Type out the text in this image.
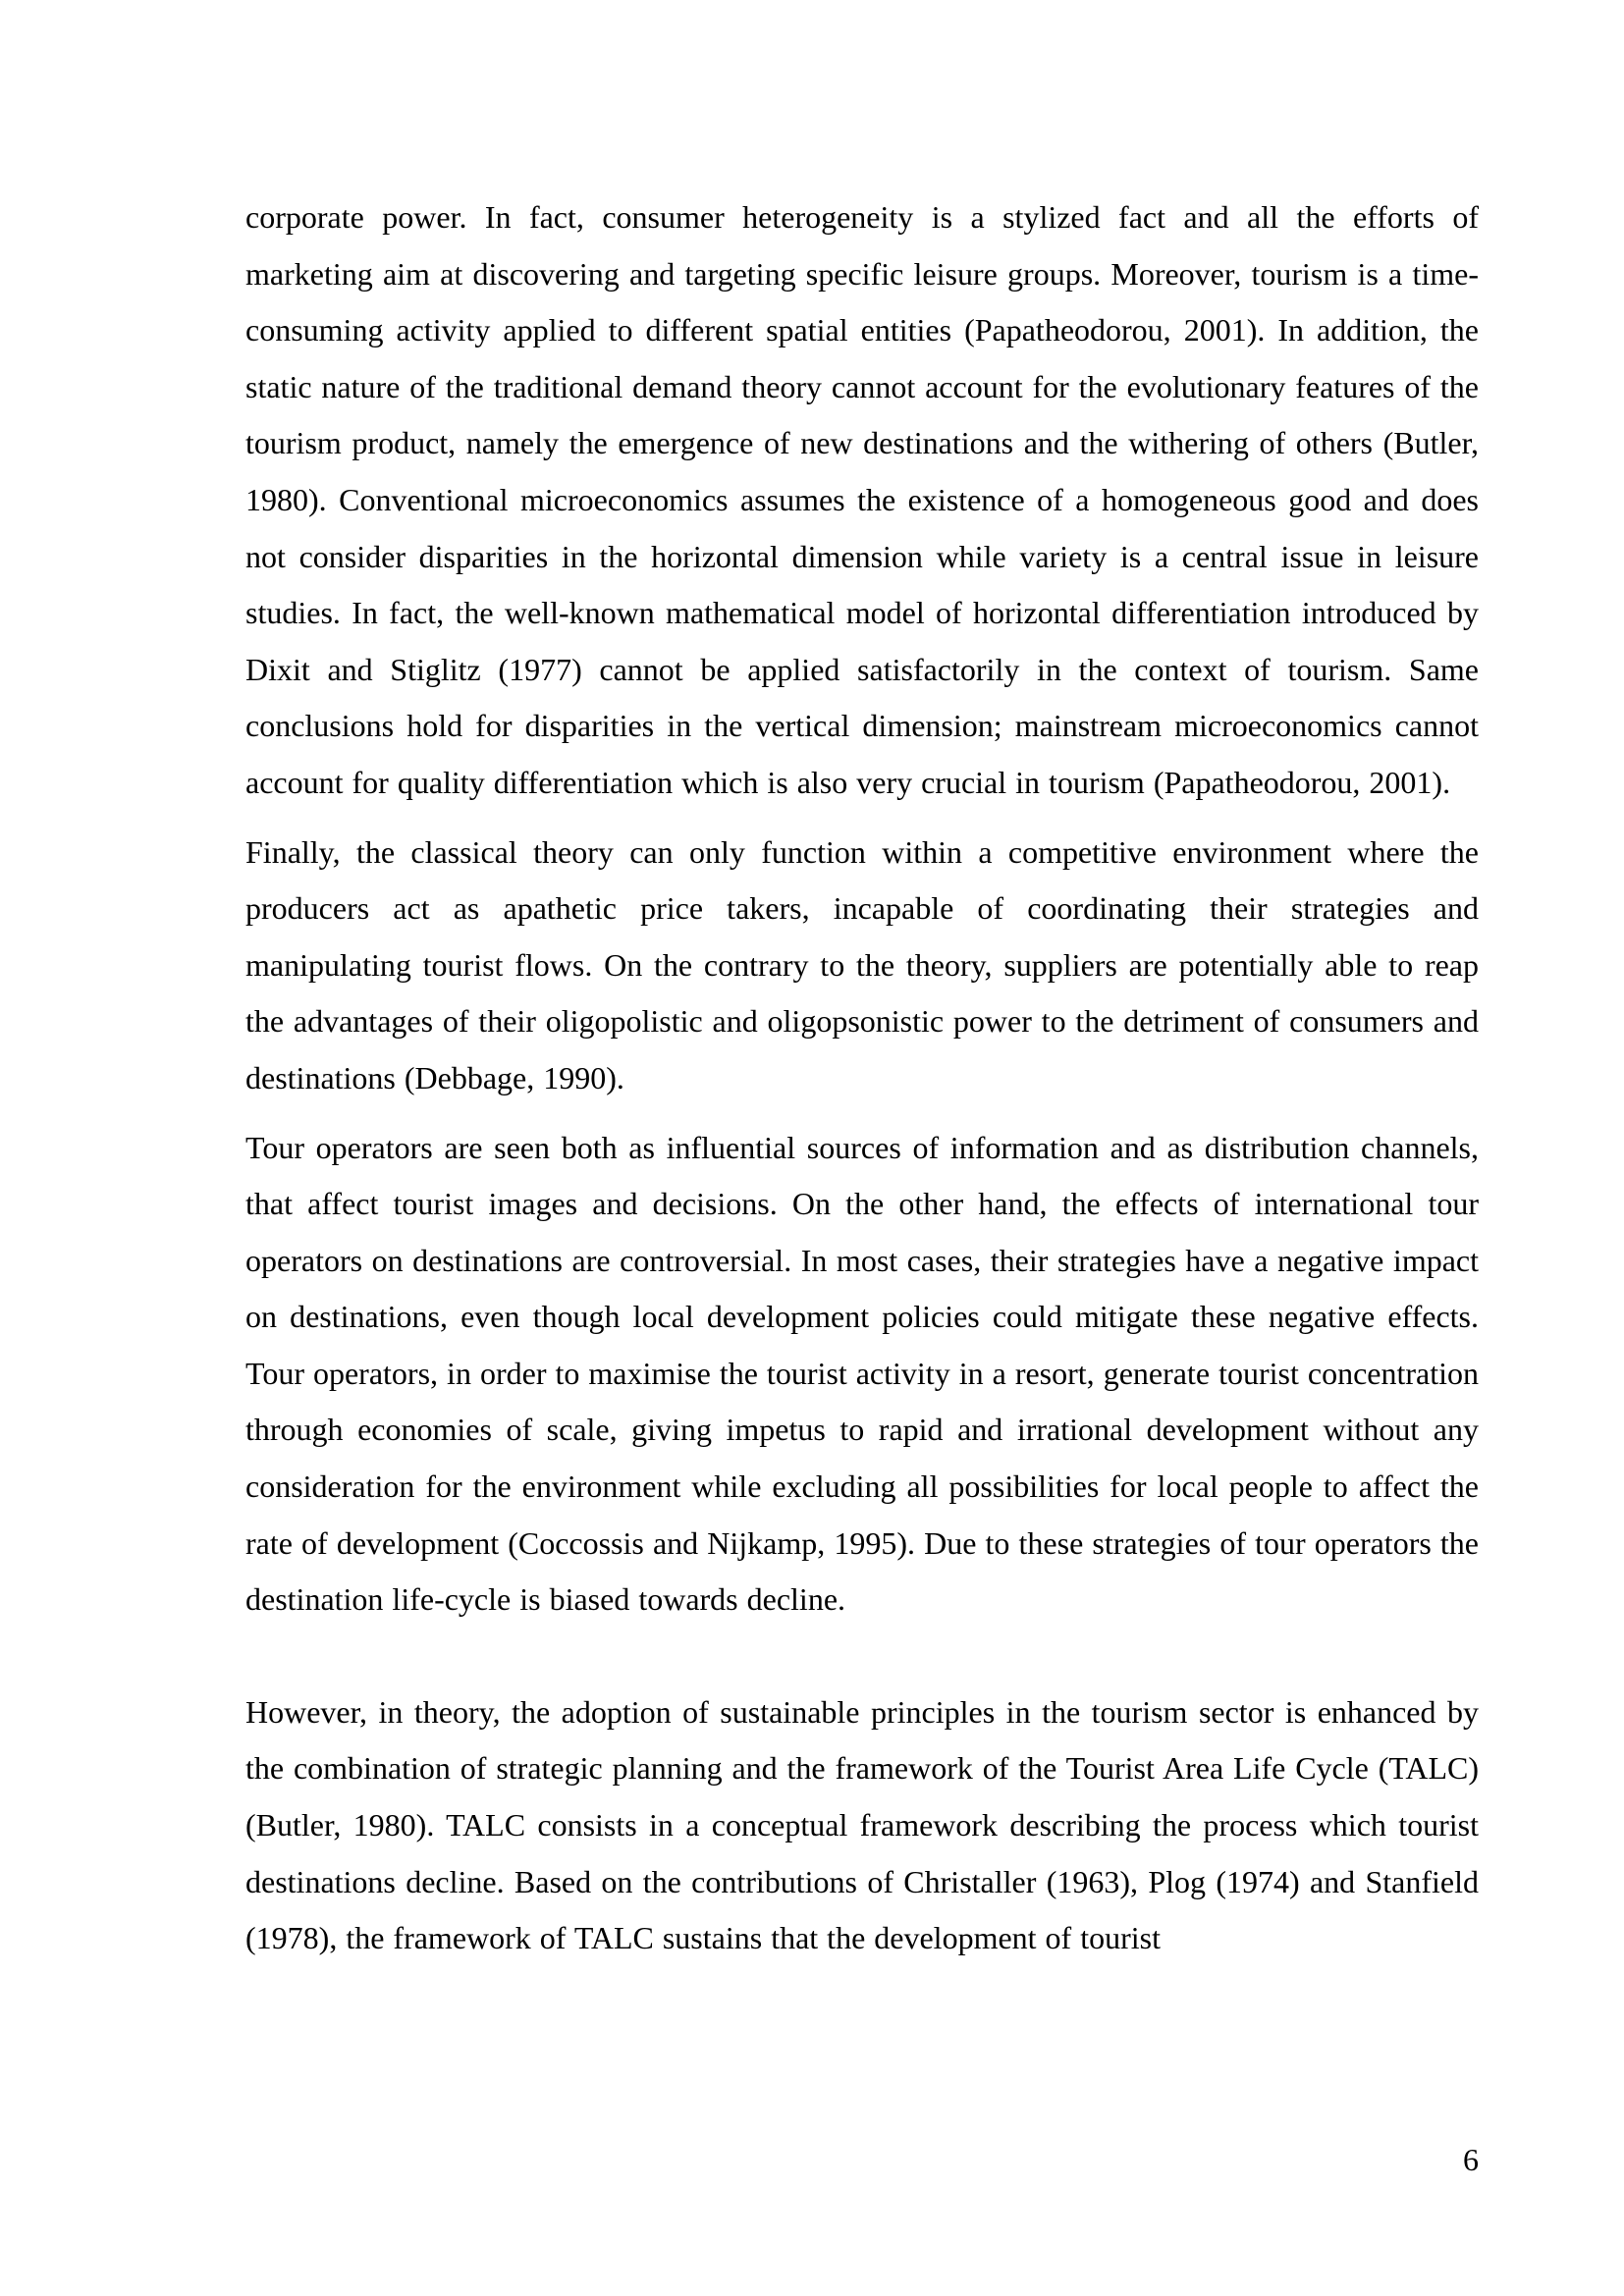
corporate power. In fact, consumer heterogeneity is a stylized fact and all the efforts of marketing aim at discovering and targeting specific leisure groups. Moreover, tourism is a time-consuming activity applied to different spatial entities (Papatheodorou, 2001). In addition, the static nature of the traditional demand theory cannot account for the evolutionary features of the tourism product, namely the emergence of new destinations and the withering of others (Butler, 1980). Conventional microeconomics assumes the existence of a homogeneous good and does not consider disparities in the horizontal dimension while variety is a central issue in leisure studies. In fact, the well-known mathematical model of horizontal differentiation introduced by Dixit and Stiglitz (1977) cannot be applied satisfactorily in the context of tourism. Same conclusions hold for disparities in the vertical dimension; mainstream microeconomics cannot account for quality differentiation which is also very crucial in tourism (Papatheodorou, 2001).

Finally, the classical theory can only function within a competitive environment where the producers act as apathetic price takers, incapable of coordinating their strategies and manipulating tourist flows. On the contrary to the theory, suppliers are potentially able to reap the advantages of their oligopolistic and oligopsonistic power to the detriment of consumers and destinations (Debbage, 1990).

Tour operators are seen both as influential sources of information and as distribution channels, that affect tourist images and decisions. On the other hand, the effects of international tour operators on destinations are controversial. In most cases, their strategies have a negative impact on destinations, even though local development policies could mitigate these negative effects. Tour operators, in order to maximise the tourist activity in a resort, generate tourist concentration through economies of scale, giving impetus to rapid and irrational development without any consideration for the environment while excluding all possibilities for local people to affect the rate of development (Coccossis and Nijkamp, 1995). Due to these strategies of tour operators the destination life-cycle is biased towards decline.

However, in theory, the adoption of sustainable principles in the tourism sector is enhanced by the combination of strategic planning and the framework of the Tourist Area Life Cycle (TALC) (Butler, 1980). TALC consists in a conceptual framework describing the process which tourist destinations decline. Based on the contributions of Christaller (1963), Plog (1974) and Stanfield (1978), the framework of TALC sustains that the development of tourist

6
